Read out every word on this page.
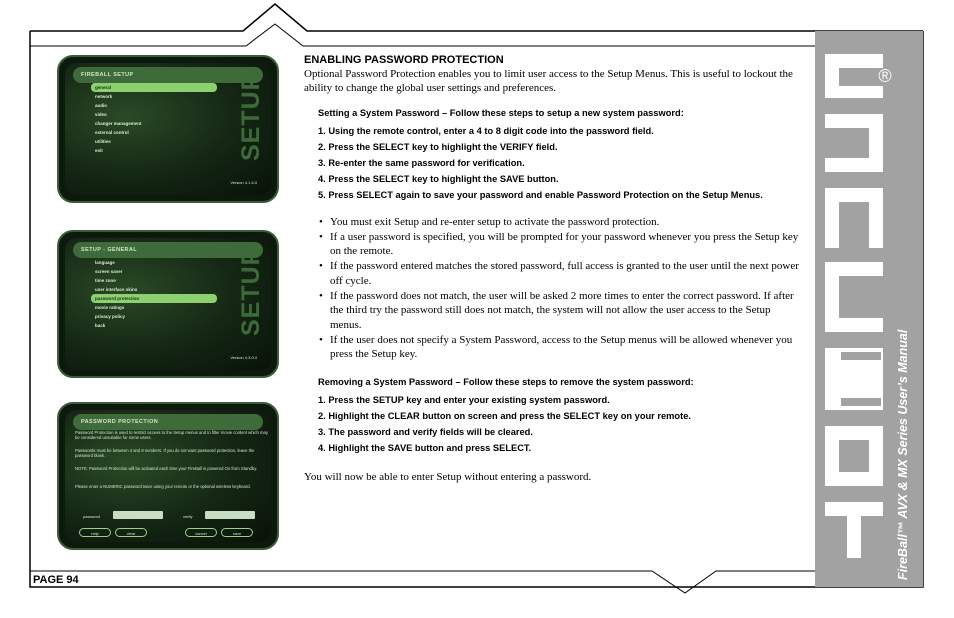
®
FireBall™ AVX & MX Series User’s Manual
FIREBALL SETUP
general
network
audio
video
changer management
external control
utilities
exit	SETUP
Version 4.1.6.0
SETUP - GENERAL
language
screen saver
time zone
user interface skins
password protection
movie ratings
privacy policy
back	SETUP
Version 4.3.0.4
PASSWORD PROTECTION
Password Protection is used to restrict access to the Setup menus and to filter movie content which may be considered unsuitable for some users.
Passwords must be between 4 and 8 numbers. If you do not want password protection, leave the password blank.
NOTE: Password Protection will be activated each time your FireBall is powered On from Standby.
Please enter a NUMERIC password twice using your remote or the optional wireless keyboard.
password	verify
help	clear	cancel	save
ENABLING PASSWORD PROTECTION

Optional Password Protection enables you to limit user access to the Setup Menus. This is useful to lockout the ability to change the global user settings and preferences.

Setting a System Password – Follow these steps to setup a new system password:

1. Using the remote control, enter a 4 to 8 digit code into the password field.
2. Press the SELECT key to highlight the VERIFY field.
3. Re-enter the same password for verification.
4. Press the SELECT key to highlight the SAVE button.
5. Press SELECT again to save your password and enable Password Protection on the Setup Menus.
• You must exit Setup and re-enter setup to activate the password protection.
• If a user password is specified, you will be prompted for your password whenever you press the Setup key on the remote.
• If the password entered matches the stored password, full access is granted to the user until the next power off cycle.
• If the password does not match, the user will be asked 2 more times to enter the correct password. If after the third try the password still does not match, the system will not allow the user access to the Setup menus.
• If the user does not specify a System Password, access to the Setup menus will be allowed whenever you press the Setup key.

Removing a System Password – Follow these steps to remove the system password:

1. Press the SETUP key and enter your existing system password.
2. Highlight the CLEAR button on screen and press the SELECT key on your remote.
3. The password and verify fields will be cleared.
4. Highlight the SAVE button and press SELECT.

You will now be able to enter Setup without entering a password.

PAGE 94
